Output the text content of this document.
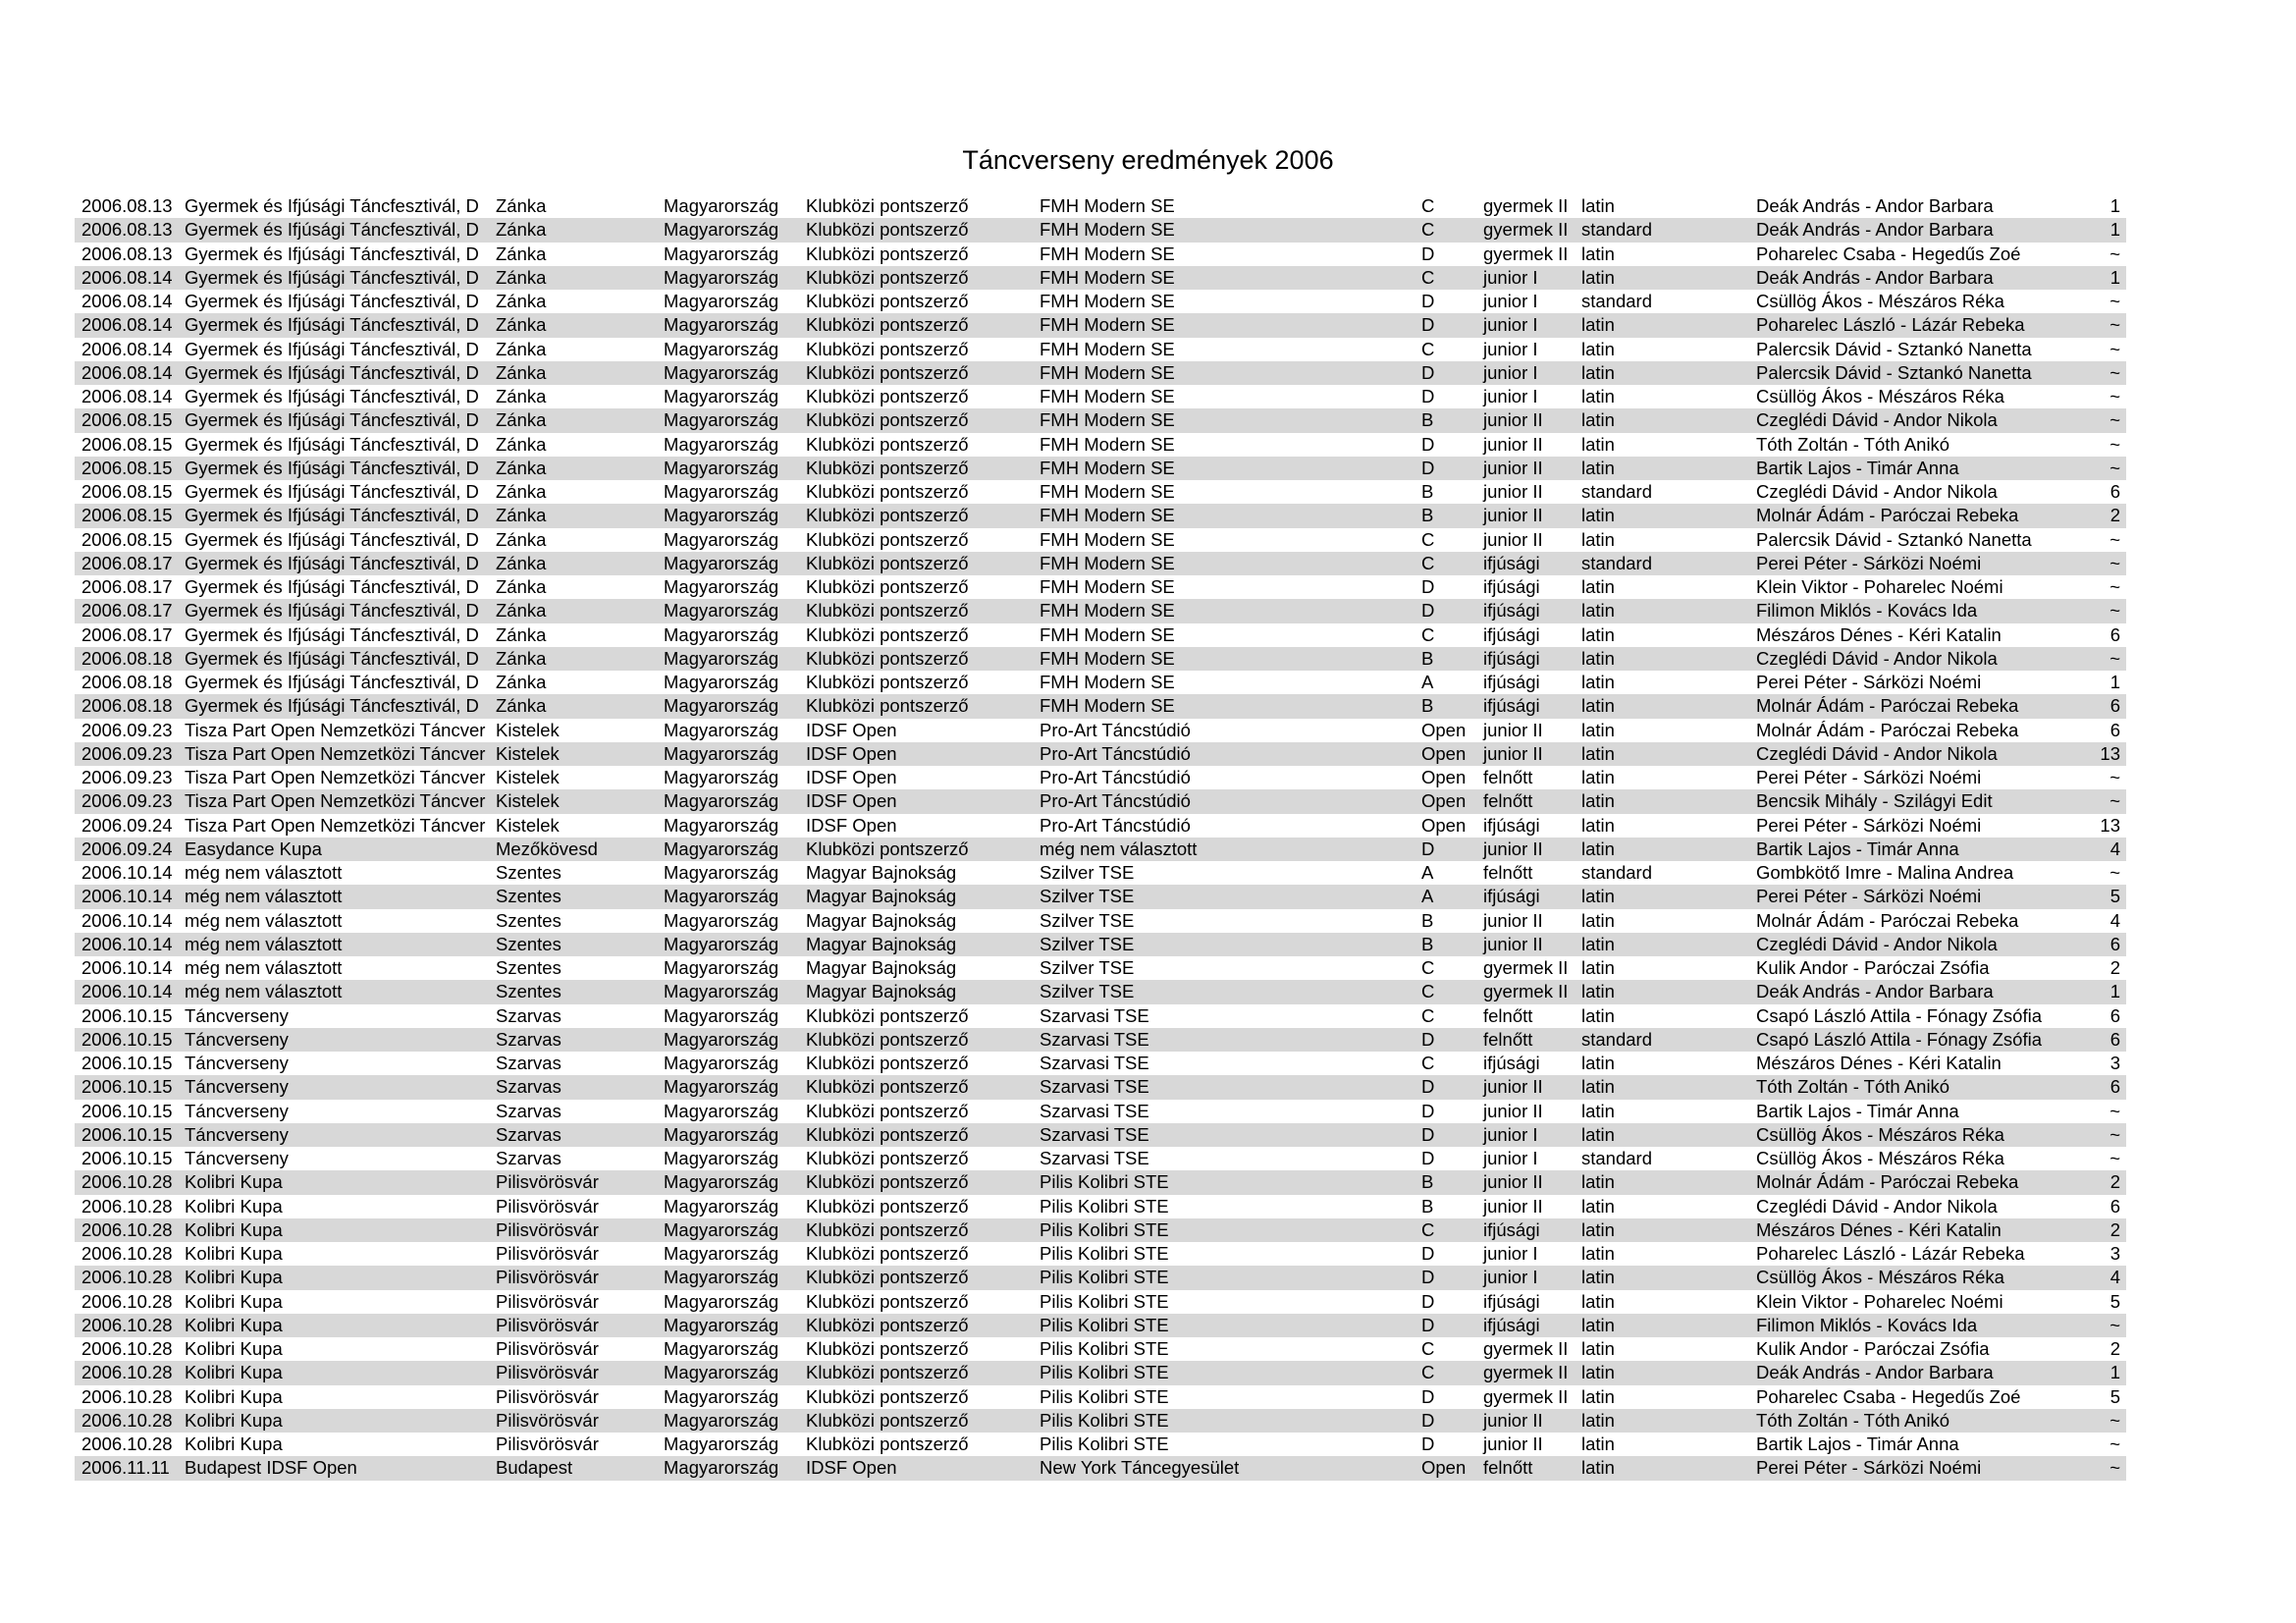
Táncverseny eredmények 2006
2006.08.13 Gyermek és Ifjúsági Táncfesztivál, D Zánka	Magyarország	Klubközi pontszerző	FMH Modern SE	C	gyermek II latin	Deák András - Andor Barbara	1
2006.08.13 Gyermek és Ifjúsági Táncfesztivál, D Zánka	Magyarország	Klubközi pontszerző	FMH Modern SE	C	gyermek II standard	Deák András - Andor Barbara	1
2006.08.13 Gyermek és Ifjúsági Táncfesztivál, D Zánka	Magyarország	Klubközi pontszerző	FMH Modern SE	D	gyermek II latin	Poharelec Csaba - Hegedűs Zoé	~
2006.08.14 Gyermek és Ifjúsági Táncfesztivál, D Zánka	Magyarország	Klubközi pontszerző	FMH Modern SE	C	junior I	latin	Deák András - Andor Barbara	1
2006.08.14 Gyermek és Ifjúsági Táncfesztivál, D Zánka	Magyarország	Klubközi pontszerző	FMH Modern SE	D	junior I	standard	Csüllög Ákos - Mészáros Réka	~
2006.08.14 Gyermek és Ifjúsági Táncfesztivál, D Zánka	Magyarország	Klubközi pontszerző	FMH Modern SE	D	junior I	latin	Poharelec László - Lázár Rebeka	~
2006.08.14 Gyermek és Ifjúsági Táncfesztivál, D Zánka	Magyarország	Klubközi pontszerző	FMH Modern SE	C	junior I	latin	Palercsik Dávid - Sztankó Nanetta	~
2006.08.14 Gyermek és Ifjúsági Táncfesztivál, D Zánka	Magyarország	Klubközi pontszerző	FMH Modern SE	D	junior I	latin	Palercsik Dávid - Sztankó Nanetta	~
2006.08.14 Gyermek és Ifjúsági Táncfesztivál, D Zánka	Magyarország	Klubközi pontszerző	FMH Modern SE	D	junior I	latin	Csüllög Ákos - Mészáros Réka	~
2006.08.15 Gyermek és Ifjúsági Táncfesztivál, D Zánka	Magyarország	Klubközi pontszerző	FMH Modern SE	B	junior II	latin	Czeglédi Dávid - Andor Nikola	~
2006.08.15 Gyermek és Ifjúsági Táncfesztivál, D Zánka	Magyarország	Klubközi pontszerző	FMH Modern SE	D	junior II	latin	Tóth Zoltán - Tóth Anikó	~
2006.08.15 Gyermek és Ifjúsági Táncfesztivál, D Zánka	Magyarország	Klubközi pontszerző	FMH Modern SE	D	junior II	latin	Bartik Lajos - Timár Anna	~
2006.08.15 Gyermek és Ifjúsági Táncfesztivál, D Zánka	Magyarország	Klubközi pontszerző	FMH Modern SE	B	junior II	standard	Czeglédi Dávid - Andor Nikola	6
2006.08.15 Gyermek és Ifjúsági Táncfesztivál, D Zánka	Magyarország	Klubközi pontszerző	FMH Modern SE	B	junior II	latin	Molnár Ádám - Paróczai Rebeka	2
2006.08.15 Gyermek és Ifjúsági Táncfesztivál, D Zánka	Magyarország	Klubközi pontszerző	FMH Modern SE	C	junior II	latin	Palercsik Dávid - Sztankó Nanetta	~
2006.08.17 Gyermek és Ifjúsági Táncfesztivál, D Zánka	Magyarország	Klubközi pontszerző	FMH Modern SE	C	ifjúsági	standard	Perei Péter - Sárközi Noémi	~
2006.08.17 Gyermek és Ifjúsági Táncfesztivál, D Zánka	Magyarország	Klubközi pontszerző	FMH Modern SE	D	ifjúsági	latin	Klein Viktor - Poharelec Noémi	~
2006.08.17 Gyermek és Ifjúsági Táncfesztivál, D Zánka	Magyarország	Klubközi pontszerző	FMH Modern SE	D	ifjúsági	latin	Filimon Miklós - Kovács Ida	~
2006.08.17 Gyermek és Ifjúsági Táncfesztivál, D Zánka	Magyarország	Klubközi pontszerző	FMH Modern SE	C	ifjúsági	latin	Mészáros Dénes - Kéri Katalin	6
2006.08.18 Gyermek és Ifjúsági Táncfesztivál, D Zánka	Magyarország	Klubközi pontszerző	FMH Modern SE	B	ifjúsági	latin	Czeglédi Dávid - Andor Nikola	~
2006.08.18 Gyermek és Ifjúsági Táncfesztivál, D Zánka	Magyarország	Klubközi pontszerző	FMH Modern SE	A	ifjúsági	latin	Perei Péter - Sárközi Noémi	1
2006.08.18 Gyermek és Ifjúsági Táncfesztivál, D Zánka	Magyarország	Klubközi pontszerző	FMH Modern SE	B	ifjúsági	latin	Molnár Ádám - Paróczai Rebeka	6
2006.09.23 Tisza Part Open Nemzetközi Táncver Kistelek	Magyarország	IDSF Open	Pro-Art Táncstúdió	Open junior II	latin	Molnár Ádám - Paróczai Rebeka	6
2006.09.23 Tisza Part Open Nemzetközi Táncver Kistelek	Magyarország	IDSF Open	Pro-Art Táncstúdió	Open junior II	latin	Czeglédi Dávid - Andor Nikola	13
2006.09.23 Tisza Part Open Nemzetközi Táncver Kistelek	Magyarország	IDSF Open	Pro-Art Táncstúdió	Open felnőtt	latin	Perei Péter - Sárközi Noémi	~
2006.09.23 Tisza Part Open Nemzetközi Táncver Kistelek	Magyarország	IDSF Open	Pro-Art Táncstúdió	Open felnőtt	latin	Bencsik Mihály - Szilágyi Edit	~
2006.09.24 Tisza Part Open Nemzetközi Táncver Kistelek	Magyarország	IDSF Open	Pro-Art Táncstúdió	Open ifjúsági	latin	Perei Péter - Sárközi Noémi	13
2006.09.24 Easydance Kupa	Mezőkövesd	Magyarország	Klubközi pontszerző	még nem választott	D	junior II	latin	Bartik Lajos - Timár Anna	4
2006.10.14 még nem választott	Szentes	Magyarország	Magyar Bajnokság	Szilver TSE	A	felnőtt	standard	Gombkötő Imre - Malina Andrea	~
2006.10.14 még nem választott	Szentes	Magyarország	Magyar Bajnokság	Szilver TSE	A	ifjúsági	latin	Perei Péter - Sárközi Noémi	5
2006.10.14 még nem választott	Szentes	Magyarország	Magyar Bajnokság	Szilver TSE	B	junior II	latin	Molnár Ádám - Paróczai Rebeka	4
2006.10.14 még nem választott	Szentes	Magyarország	Magyar Bajnokság	Szilver TSE	B	junior II	latin	Czeglédi Dávid - Andor Nikola	6
2006.10.14 még nem választott	Szentes	Magyarország	Magyar Bajnokság	Szilver TSE	C	gyermek II latin	Kulik Andor - Paróczai Zsófia	2
2006.10.14 még nem választott	Szentes	Magyarország	Magyar Bajnokság	Szilver TSE	C	gyermek II latin	Deák András - Andor Barbara	1
2006.10.15 Táncverseny	Szarvas	Magyarország	Klubközi pontszerző	Szarvasi TSE	C	felnőtt	latin	Csapó László Attila - Fónagy Zsófia	6
2006.10.15 Táncverseny	Szarvas	Magyarország	Klubközi pontszerző	Szarvasi TSE	D	felnőtt	standard	Csapó László Attila - Fónagy Zsófia	6
2006.10.15 Táncverseny	Szarvas	Magyarország	Klubközi pontszerző	Szarvasi TSE	C	ifjúsági	latin	Mészáros Dénes - Kéri Katalin	3
2006.10.15 Táncverseny	Szarvas	Magyarország	Klubközi pontszerző	Szarvasi TSE	D	junior II	latin	Tóth Zoltán - Tóth Anikó	6
2006.10.15 Táncverseny	Szarvas	Magyarország	Klubközi pontszerző	Szarvasi TSE	D	junior II	latin	Bartik Lajos - Timár Anna	~
2006.10.15 Táncverseny	Szarvas	Magyarország	Klubközi pontszerző	Szarvasi TSE	D	junior I	latin	Csüllög Ákos - Mészáros Réka	~
2006.10.15 Táncverseny	Szarvas	Magyarország	Klubközi pontszerző	Szarvasi TSE	D	junior I	standard	Csüllög Ákos - Mészáros Réka	~
2006.10.28 Kolibri Kupa	Pilisvörösvár	Magyarország	Klubközi pontszerző	Pilis Kolibri STE	B	junior II	latin	Molnár Ádám - Paróczai Rebeka	2
2006.10.28 Kolibri Kupa	Pilisvörösvár	Magyarország	Klubközi pontszerző	Pilis Kolibri STE	B	junior II	latin	Czeglédi Dávid - Andor Nikola	6
2006.10.28 Kolibri Kupa	Pilisvörösvár	Magyarország	Klubközi pontszerző	Pilis Kolibri STE	C	ifjúsági	latin	Mészáros Dénes - Kéri Katalin	2
2006.10.28 Kolibri Kupa	Pilisvörösvár	Magyarország	Klubközi pontszerző	Pilis Kolibri STE	D	junior I	latin	Poharelec László - Lázár Rebeka	3
2006.10.28 Kolibri Kupa	Pilisvörösvár	Magyarország	Klubközi pontszerző	Pilis Kolibri STE	D	junior I	latin	Csüllög Ákos - Mészáros Réka	4
2006.10.28 Kolibri Kupa	Pilisvörösvár	Magyarország	Klubközi pontszerző	Pilis Kolibri STE	D	ifjúsági	latin	Klein Viktor - Poharelec Noémi	5
2006.10.28 Kolibri Kupa	Pilisvörösvár	Magyarország	Klubközi pontszerző	Pilis Kolibri STE	D	ifjúsági	latin	Filimon Miklós - Kovács Ida	~
2006.10.28 Kolibri Kupa	Pilisvörösvár	Magyarország	Klubközi pontszerző	Pilis Kolibri STE	C	gyermek II latin	Kulik Andor - Paróczai Zsófia	2
2006.10.28 Kolibri Kupa	Pilisvörösvár	Magyarország	Klubközi pontszerző	Pilis Kolibri STE	C	gyermek II latin	Deák András - Andor Barbara	1
2006.10.28 Kolibri Kupa	Pilisvörösvár	Magyarország	Klubközi pontszerző	Pilis Kolibri STE	D	gyermek II latin	Poharelec Csaba - Hegedűs Zoé	5
2006.10.28 Kolibri Kupa	Pilisvörösvár	Magyarország	Klubközi pontszerző	Pilis Kolibri STE	D	junior II	latin	Tóth Zoltán - Tóth Anikó	~
2006.10.28 Kolibri Kupa	Pilisvörösvár	Magyarország	Klubközi pontszerző	Pilis Kolibri STE	D	junior II	latin	Bartik Lajos - Timár Anna	~
2006.11.11 Budapest IDSF Open	Budapest	Magyarország	IDSF Open	New York Táncegyesület	Open felnőtt	latin	Perei Péter - Sárközi Noémi	~
